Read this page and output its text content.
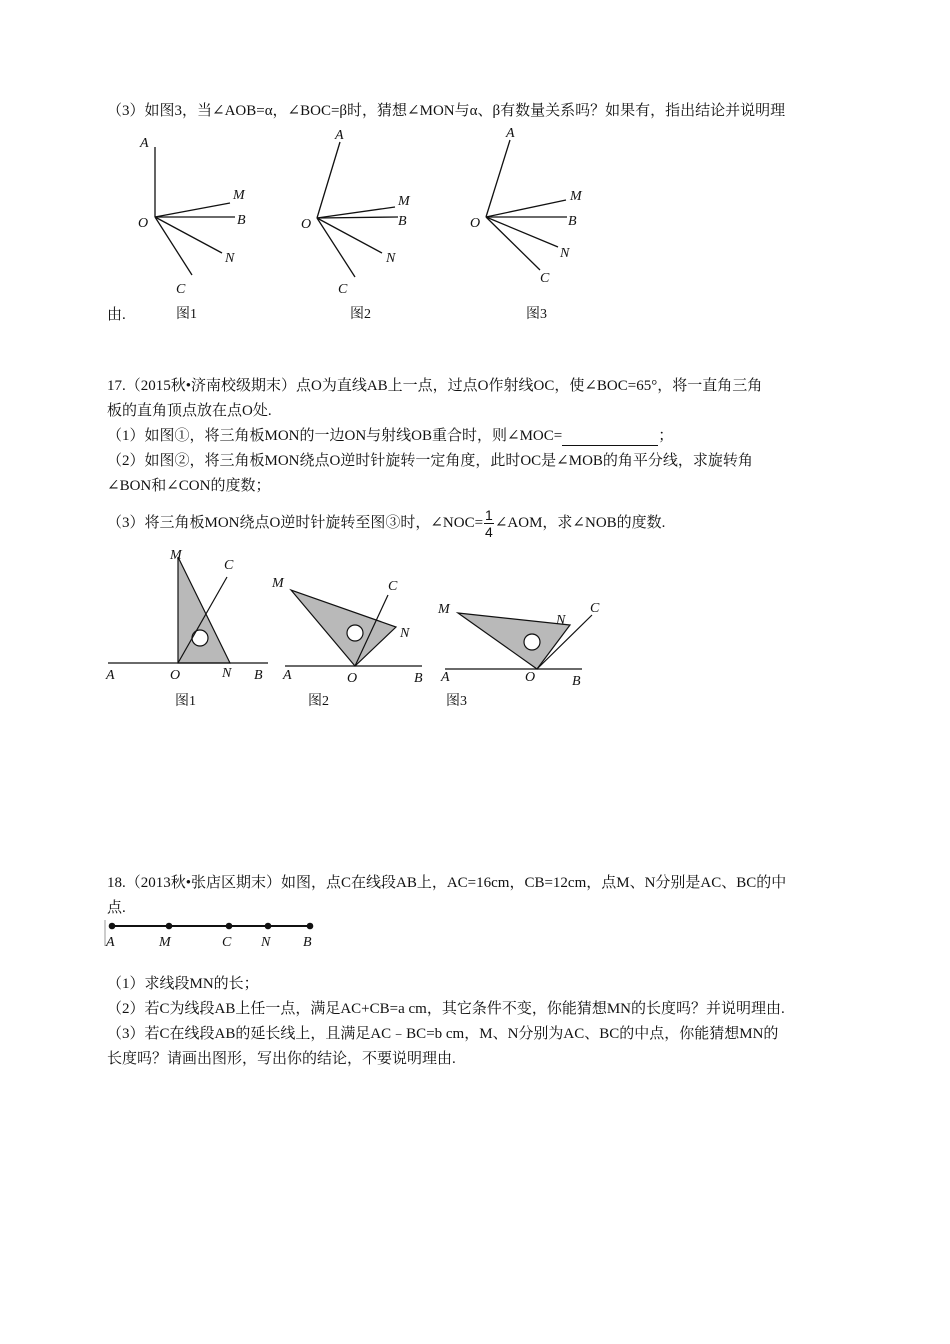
（3）如图3，当∠AOB=α，∠BOC=β时，猜想∠MON与α、β有数量关系吗？如果有，指出结论并说明理
A
M
O	B
N
C
图1
A
M
O	B
N
C
图2
A
M
O	B
N
C
图3
由.
17.（2015秋•济南校级期末）点O为直线AB上一点，过点O作射线OC，使∠BOC=65°，将一直角三角
板的直角顶点放在点O处.
（1）如图①，将三角板MON的一边ON与射线OB重合时，则∠MOC=	；
（2）如图②，将三角板MON绕点O逆时针旋转一定角度，此时OC是∠MOB的角平分线，求旋转角
∠BON和∠CON的度数；
（3）将三角板MON绕点O逆时针旋转至图③时，∠NOC= $\frac{1}{4}$ ∠AOM，求∠NOB的度数.
M
C
A	O	N B
图1
M	C
N
A	O	B
图2
M
N
C
A	O	B
图3
18.（2013秋•张店区期末）如图，点C在线段AB上，AC=16cm，CB=12cm，点M、N分别是AC、BC的中
点.
A	M	C N B
（1）求线段MN的长；
（2）若C为线段AB上任一点，满足AC+CB=a cm，其它条件不变，你能猜想MN的长度吗？并说明理由.
（3）若C在线段AB的延长线上，且满足AC﹣BC=b cm，M、N分别为AC、BC的中点，你能猜想MN的
长度吗？请画出图形，写出你的结论，不要说明理由.
